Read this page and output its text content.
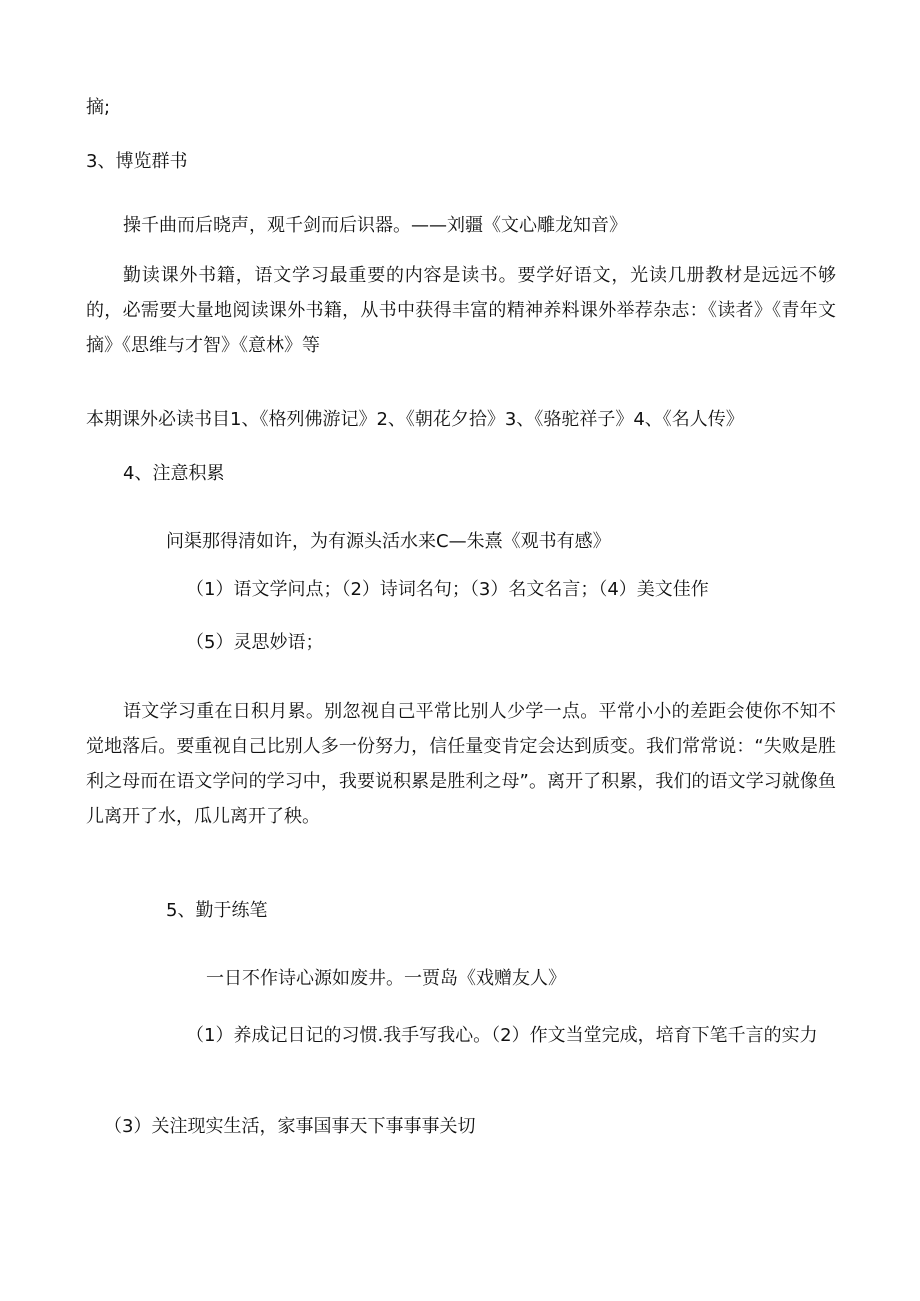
摘;

3、博览群书

操千曲而后晓声，观千剑而后识器。——刘疆《文心雕龙知音》

勤读课外书籍，语文学习最重要的内容是读书。要学好语文，光读几册教材是远远不够的，必需要大量地阅读课外书籍，从书中获得丰富的精神养料课外举荐杂志：《读者》《青年文摘》《思维与才智》《意林》等

本期课外必读书目1、《格列佛游记》2、《朝花夕拾》3、《骆驼祥子》4、《名人传》

4、注意积累

问渠那得清如许，为有源头活水来C—朱熹《观书有感》

（1）语文学问点；（2）诗词名句；（3）名文名言；（4）美文佳作

（5）灵思妙语；

语文学习重在日积月累。别忽视自己平常比别人少学一点。平常小小的差距会使你不知不觉地落后。要重视自己比别人多一份努力，信任量变肯定会达到质变。我们常常说：“失败是胜利之母而在语文学问的学习中，我要说积累是胜利之母”。离开了积累，我们的语文学习就像鱼儿离开了水，瓜儿离开了秧。

5、勤于练笔

一日不作诗心源如废井。一贾岛《戏赠友人》

（1）养成记日记的习惯.我手写我心。（2）作文当堂完成，培育下笔千言的实力

（3）关注现实生活，家事国事天下事事事关切
